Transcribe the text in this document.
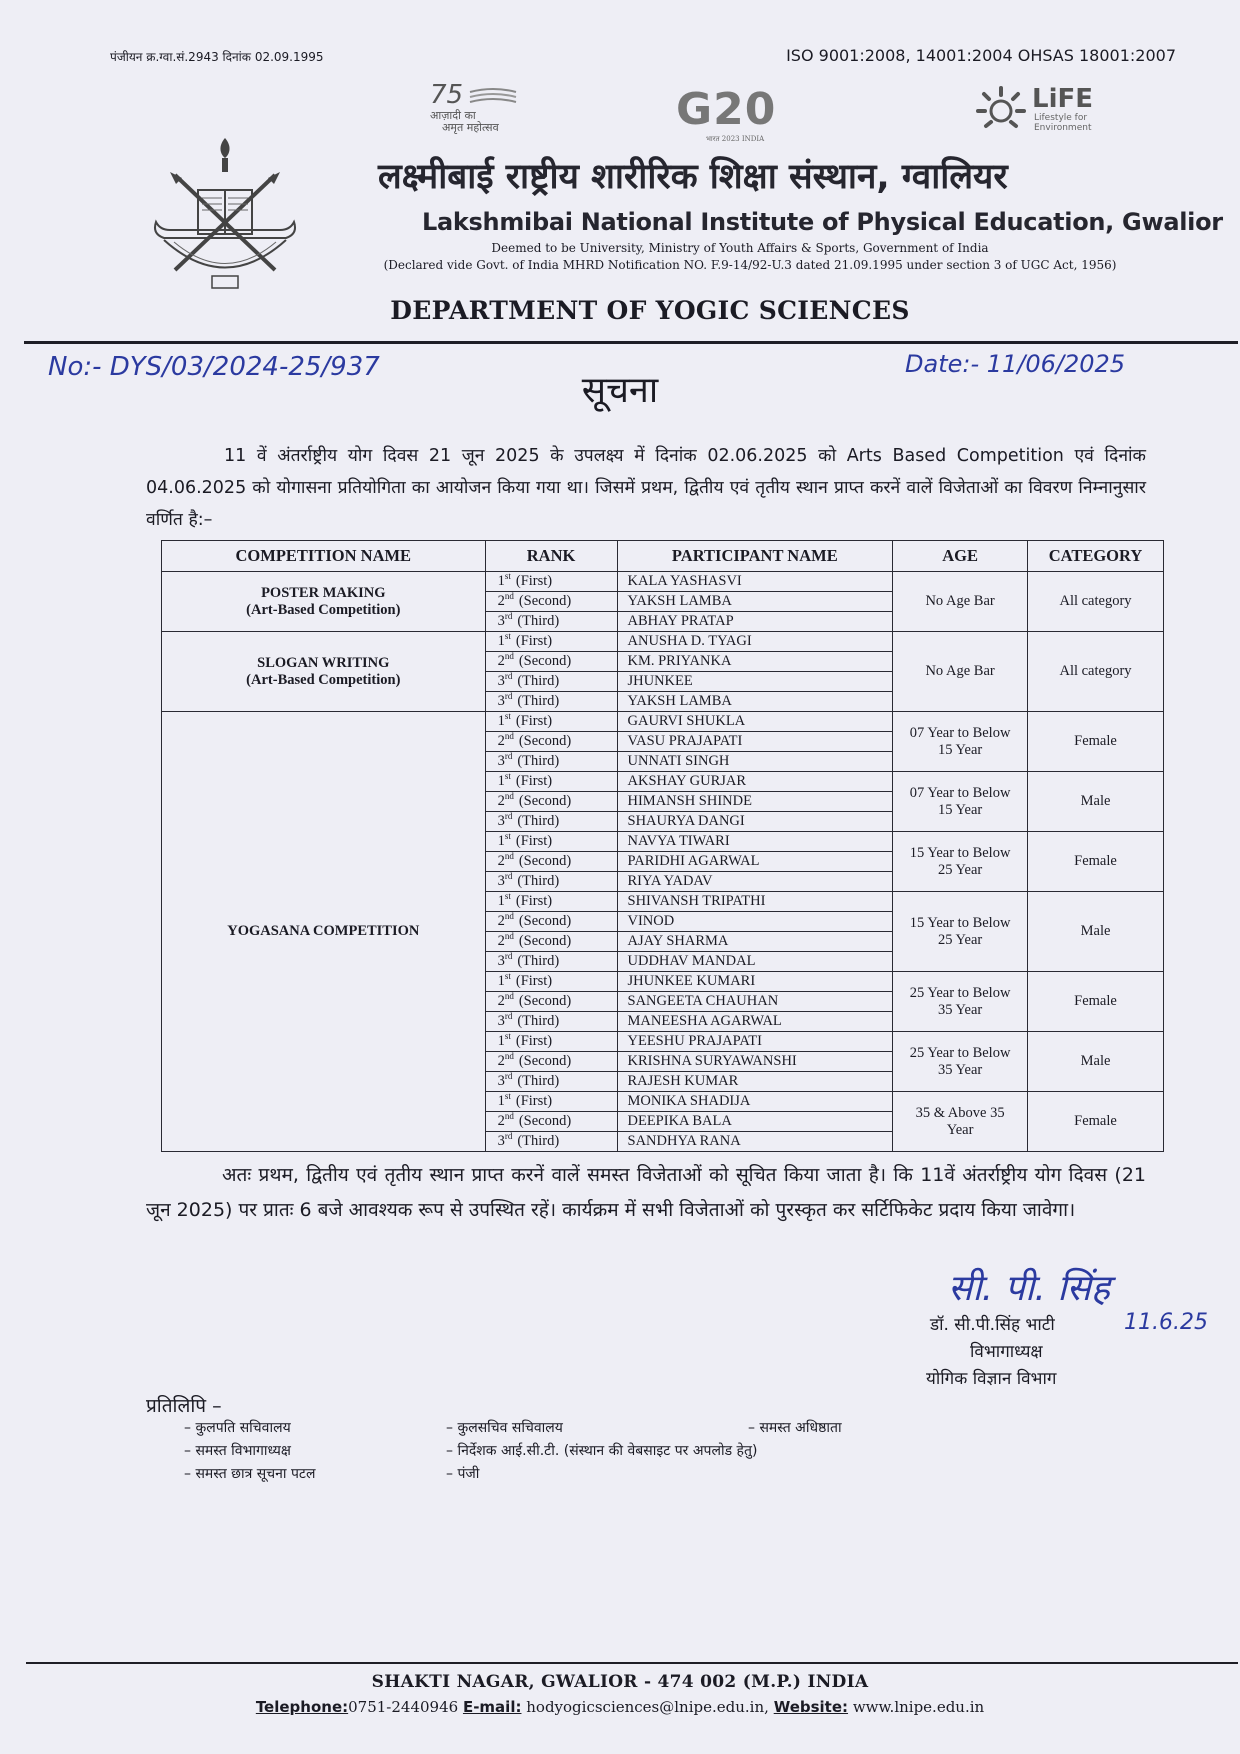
पंजीयन क्र.ग्वा.सं.2943 दिनांक 02.09.1995	ISO 9001:2008, 14001:2004 OHSAS 18001:2007
75
आज़ादी का
अमृत महोत्सव	G20
भारत 2023 INDIA
LiFE
Lifestyle for
Environment
लक्ष्मीबाई राष्ट्रीय शारीरिक शिक्षा संस्थान, ग्वालियर
Lakshmibai National Institute of Physical Education, Gwalior
Deemed to be University, Ministry of Youth Affairs & Sports, Government of India
(Declared vide Govt. of India MHRD Notification NO. F.9-14/92-U.3 dated 21.09.1995 under section 3 of UGC Act, 1956)
DEPARTMENT OF YOGIC SCIENCES
No:- DYS/03/2024-25/937	Date:- 11/06/2025
सूचना
11 वें अंतर्राष्ट्रीय योग दिवस 21 जून 2025 के उपलक्ष्य में दिनांक 02.06.2025 को Arts Based Competition एवं दिनांक 04.06.2025 को योगासना प्रतियोगिता का आयोजन किया गया था। जिसमें प्रथम, द्वितीय एवं तृतीय स्थान प्राप्त करनें वालें विजेताओं का विवरण निम्नानुसार वर्णित है:–
COMPETITION NAME	RANK	PARTICIPANT NAME	AGE	CATEGORY

POSTER MAKING
(Art-Based Competition)	1st (First)	KALA YASHASVI	No Age Bar	All category
	2nd (Second)	YAKSH LAMBA		
	3rd (Third)	ABHAY PRATAP		

SLOGAN WRITING
(Art-Based Competition)	1st (First)	ANUSHA D. TYAGI	No Age Bar	All category
	2nd (Second)	KM. PRIYANKA		
	3rd (Third)	JHUNKEE		
	3rd (Third)	YAKSH LAMBA		

YOGASANA COMPETITION	1st (First)	GAURVI SHUKLA	07 Year to Below 15 Year	Female
	2nd (Second)	VASU PRAJAPATI		
	3rd (Third)	UNNATI SINGH		
	1st (First)	AKSHAY GURJAR	07 Year to Below 15 Year	Male
	2nd (Second)	HIMANSH SHINDE		
	3rd (Third)	SHAURYA DANGI		
	1st (First)	NAVYA TIWARI	15 Year to Below 25 Year	Female
	2nd (Second)	PARIDHI AGARWAL		
	3rd (Third)	RIYA YADAV		
	1st (First)	SHIVANSH TRIPATHI	15 Year to Below 25 Year	Male
	2nd (Second)	VINOD		
	2nd (Second)	AJAY SHARMA		
	3rd (Third)	UDDHAV MANDAL		
	1st (First)	JHUNKEE KUMARI	25 Year to Below 35 Year	Female
	2nd (Second)	SANGEETA CHAUHAN		
	3rd (Third)	MANEESHA AGARWAL		
	1st (First)	YEESHU PRAJAPATI	25 Year to Below 35 Year	Male
	2nd (Second)	KRISHNA SURYAWANSHI		
	3rd (Third)	RAJESH KUMAR		
	1st (First)	MONIKA SHADIJA	35 & Above 35 Year	Female
	2nd (Second)	DEEPIKA BALA		
	3rd (Third)	SANDHYA RANA		
अतः प्रथम, द्वितीय एवं तृतीय स्थान प्राप्त करनें वालें समस्त विजेताओं को सूचित किया जाता है। कि 11वें अंतर्राष्ट्रीय योग दिवस (21 जून 2025) पर प्रातः 6 बजे आवश्यक रूप से उपस्थित रहें। कार्यक्रम में सभी विजेताओं को पुरस्कृत कर सर्टिफिकेट प्रदाय किया जावेगा।
सी. पी. सिंह
11.6.25
डॉ. सी.पी.सिंह भाटी
विभागाध्यक्ष
योगिक विज्ञान विभाग
प्रतिलिपि –
– कुलपति सचिवालय
– समस्त विभागाध्यक्ष
– समस्त छात्र सूचना पटल
– कुलसचिव सचिवालय
– निर्देशक आई.सी.टी. (संस्थान की वेबसाइट पर अपलोड हेतु)
– पंजी
– समस्त अधिष्ठाता
SHAKTI NAGAR, GWALIOR - 474 002 (M.P.) INDIA
Telephone:0751-2440946 E-mail: hodyogicsciences@lnipe.edu.in, Website: www.lnipe.edu.in
